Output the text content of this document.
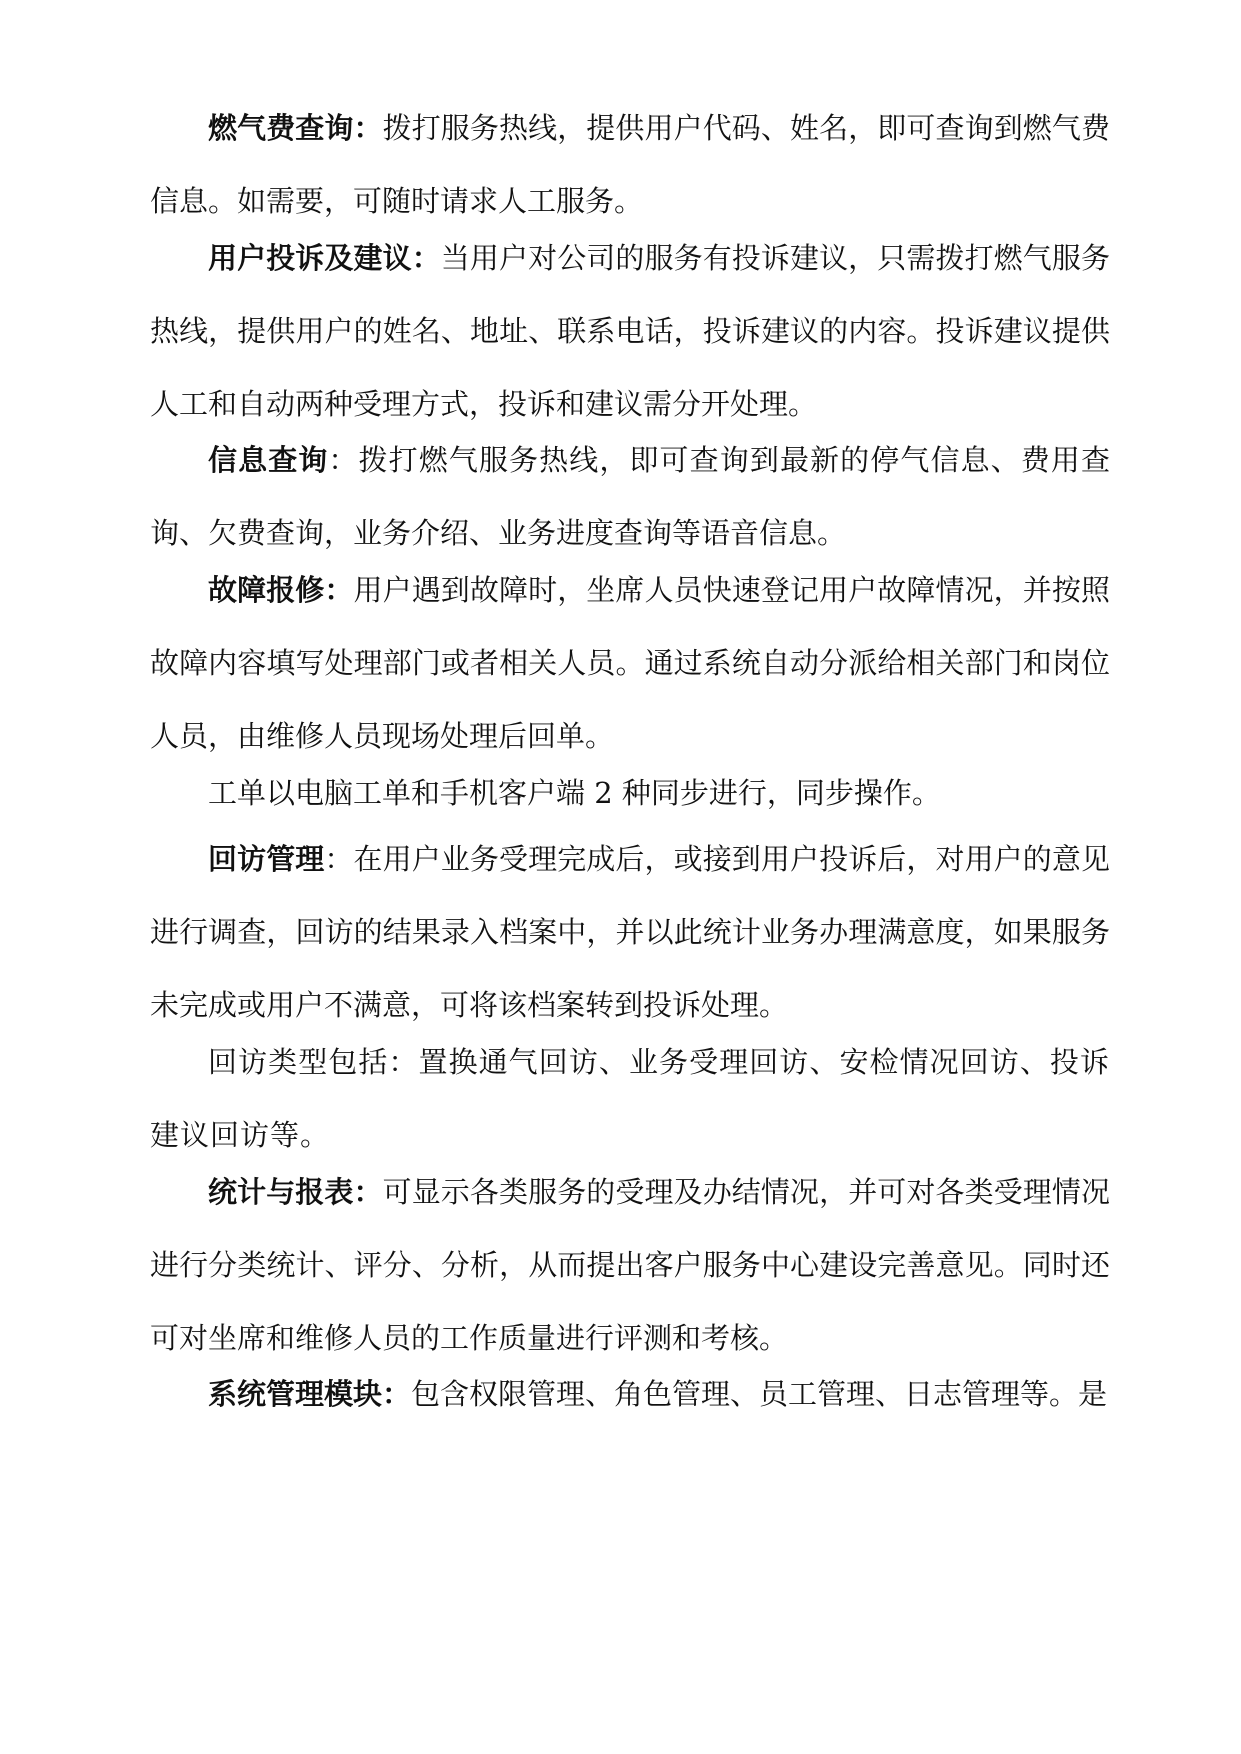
燃气费查询：拨打服务热线，提供用户代码、姓名，即可查询到燃气费信息。如需要，可随时请求人工服务。

用户投诉及建议：当用户对公司的服务有投诉建议，只需拨打燃气服务热线，提供用户的姓名、地址、联系电话，投诉建议的内容。投诉建议提供人工和自动两种受理方式，投诉和建议需分开处理。

信息查询：拨打燃气服务热线，即可查询到最新的停气信息、费用查询、欠费查询，业务介绍、业务进度查询等语音信息。

故障报修：用户遇到故障时，坐席人员快速登记用户故障情况，并按照故障内容填写处理部门或者相关人员。通过系统自动分派给相关部门和岗位人员，由维修人员现场处理后回单。

工单以电脑工单和手机客户端 2 种同步进行，同步操作。

回访管理：在用户业务受理完成后，或接到用户投诉后，对用户的意见进行调查，回访的结果录入档案中，并以此统计业务办理满意度，如果服务未完成或用户不满意，可将该档案转到投诉处理。

回访类型包括：置换通气回访、业务受理回访、安检情况回访、投诉建议回访等。

统计与报表：可显示各类服务的受理及办结情况，并可对各类受理情况进行分类统计、评分、分析，从而提出客户服务中心建设完善意见。同时还可对坐席和维修人员的工作质量进行评测和考核。

系统管理模块：包含权限管理、角色管理、员工管理、日志管理等。是
